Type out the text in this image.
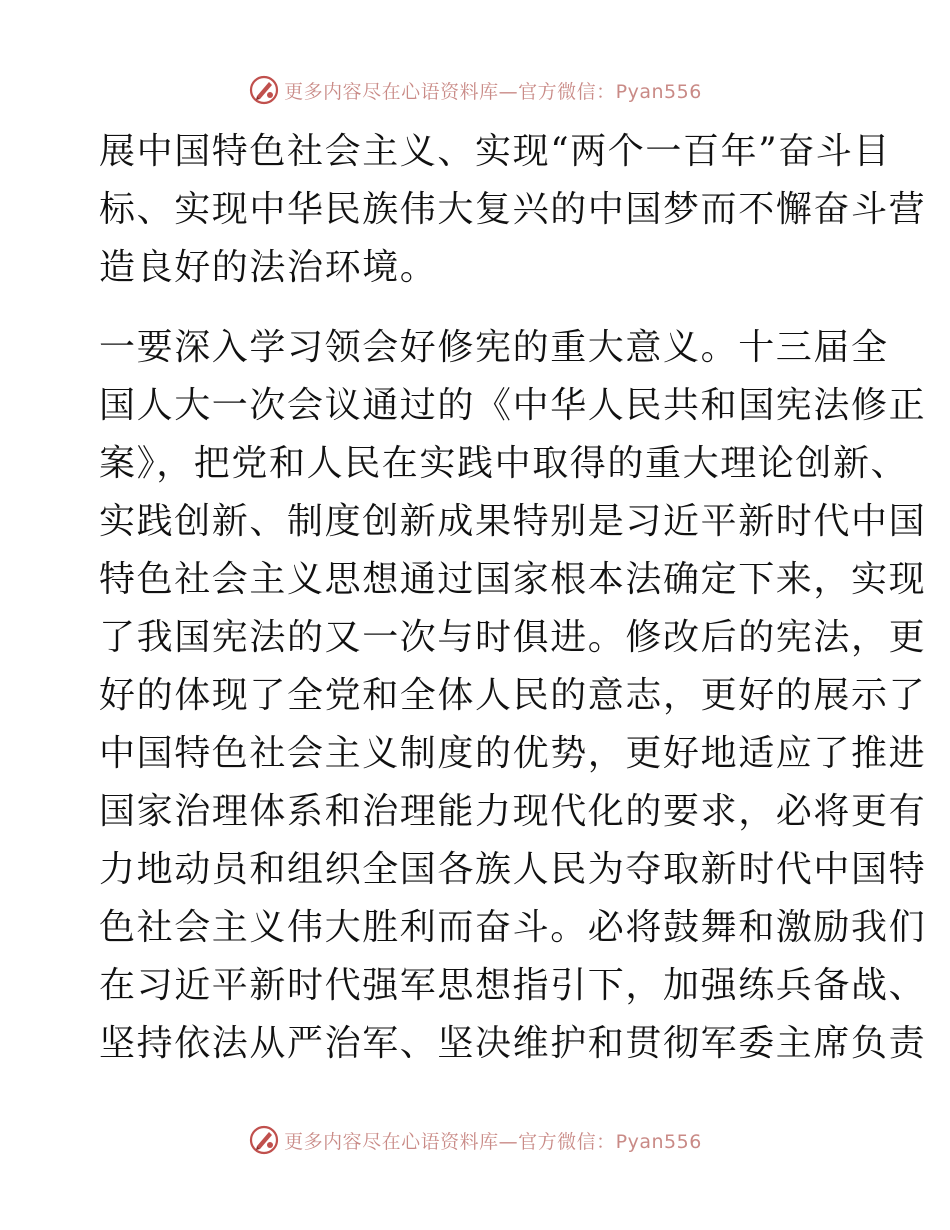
更多内容尽在心语资料库—官方微信：Pyan556
展中国特色社会主义、实现“两个一百年”奋斗目
标、实现中华民族伟大复兴的中国梦而不懈奋斗营
造良好的法治环境。
一要深入学习领会好修宪的重大意义。十三届全
国人大一次会议通过的《中华人民共和国宪法修正
案》，把党和人民在实践中取得的重大理论创新、
实践创新、制度创新成果特别是习近平新时代中国
特色社会主义思想通过国家根本法确定下来，实现
了我国宪法的又一次与时俱进。修改后的宪法，更
好的体现了全党和全体人民的意志，更好的展示了
中国特色社会主义制度的优势，更好地适应了推进
国家治理体系和治理能力现代化的要求，必将更有
力地动员和组织全国各族人民为夺取新时代中国特
色社会主义伟大胜利而奋斗。必将鼓舞和激励我们
在习近平新时代强军思想指引下，加强练兵备战、
坚持依法从严治军、坚决维护和贯彻军委主席负责
更多内容尽在心语资料库—官方微信：Pyan556
